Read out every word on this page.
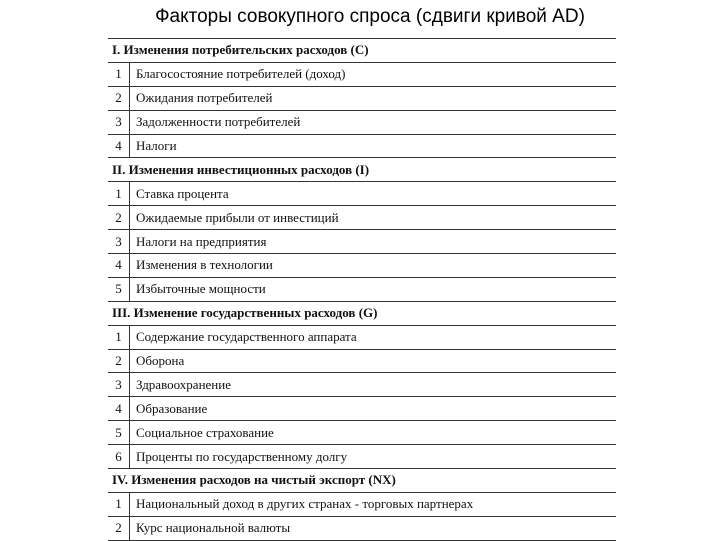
Факторы совокупного спроса (сдвиги кривой AD)
I. Изменения потребительских расходов (C)
1	Благосостояние потребителей (доход)
2	Ожидания потребителей
3	Задолженности потребителей
4	Налоги
II. Изменения инвестиционных расходов (I)
1	Ставка процента
2	Ожидаемые прибыли от инвестиций
3	Налоги на предприятия
4	Изменения в технологии
5	Избыточные мощности
III. Изменение государственных расходов (G)
1	Содержание государственного аппарата
2	Оборона
3	Здравоохранение
4	Образование
5	Социальное страхование
6	Проценты по государственному долгу
IV. Изменения расходов на чистый экспорт (NX)
1	Национальный доход в других странах - торговых партнерах
2	Курс национальной валюты
